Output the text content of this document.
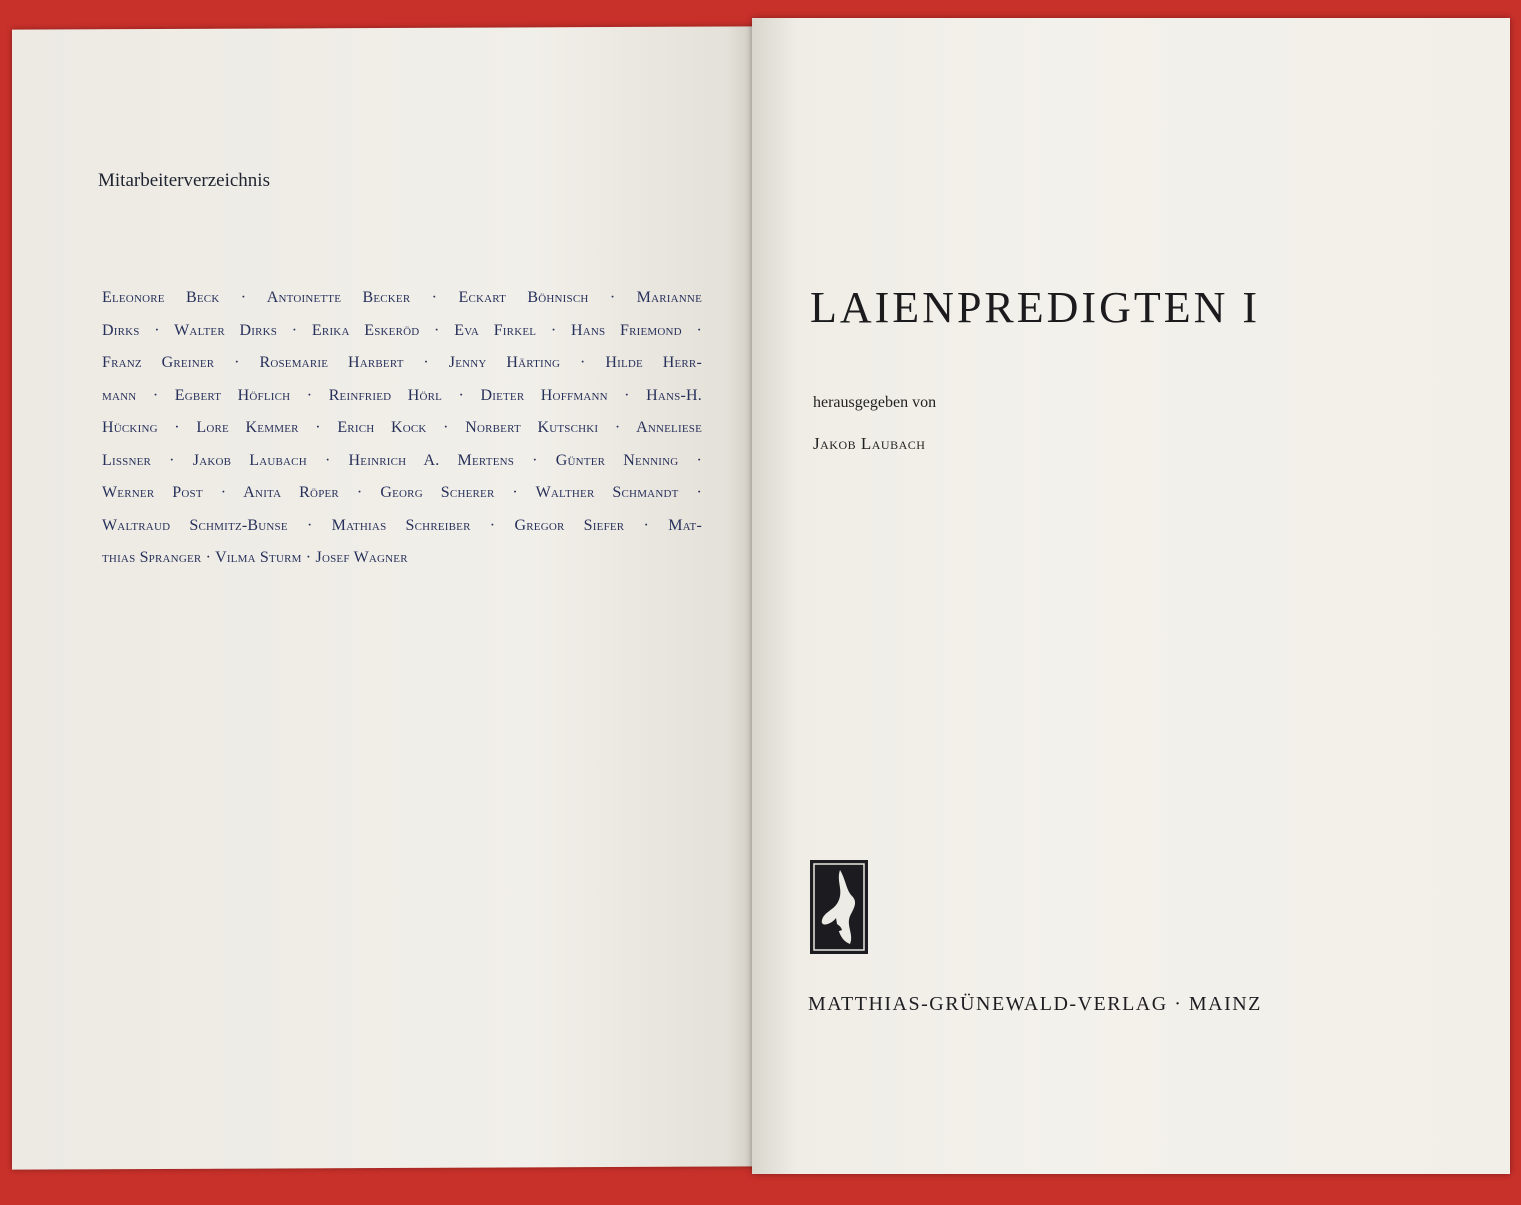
Mitarbeiterverzeichnis
Eleonore Beck · Antoinette Becker · Eckart Böhnisch · Marianne
Dirks · Walter Dirks · Erika Eskeröd · Eva Firkel · Hans Friemond ·
Franz Greiner · Rosemarie Harbert · Jenny Härting · Hilde Herr-
mann · Egbert Höflich · Reinfried Hörl · Dieter Hoffmann · Hans-H.
Hücking · Lore Kemmer · Erich Kock · Norbert Kutschki · Anneliese
Lissner · Jakob Laubach · Heinrich A. Mertens · Günter Nenning ·
Werner Post · Anita Röper · Georg Scherer · Walther Schmandt ·
Waltraud Schmitz-Bunse · Mathias Schreiber · Gregor Siefer · Mat-
thias Spranger · Vilma Sturm · Josef Wagner
LAIENPREDIGTEN I
herausgegeben von
Jakob Laubach
MATTHIAS-GRÜNEWALD-VERLAG · MAINZ
